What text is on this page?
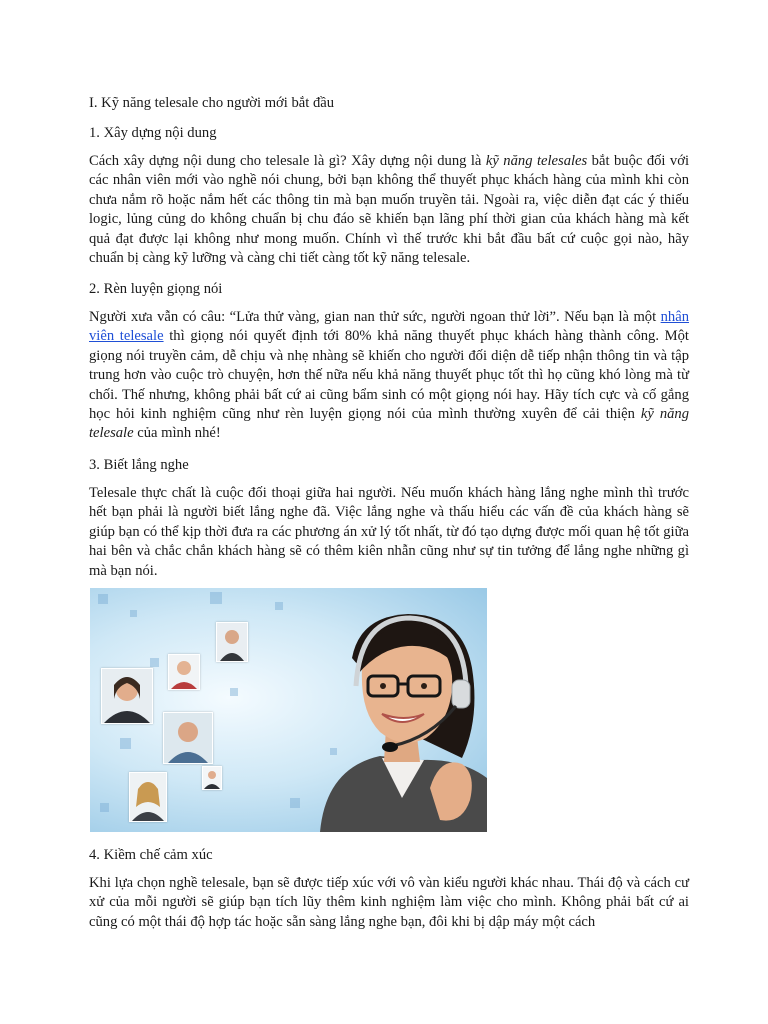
I. Kỹ năng telesale cho người mới bắt đầu
1. Xây dựng nội dung

Cách xây dựng nội dung cho telesale là gì? Xây dựng nội dung là kỹ năng telesales bắt buộc đối với các nhân viên mới vào nghề nói chung, bởi bạn không thể thuyết phục khách hàng của mình khi còn chưa nắm rõ hoặc nắm hết các thông tin mà bạn muốn truyền tải. Ngoài ra, việc diễn đạt các ý thiếu logic, lủng củng do không chuẩn bị chu đáo sẽ khiến bạn lãng phí thời gian của khách hàng mà kết quả đạt được lại không như mong muốn. Chính vì thế trước khi bắt đầu bất cứ cuộc gọi nào, hãy chuẩn bị càng kỹ lưỡng và càng chi tiết càng tốt kỹ năng telesale.

2. Rèn luyện giọng nói

Người xưa vẫn có câu: “Lửa thử vàng, gian nan thử sức, người ngoan thử lời”. Nếu bạn là một nhân viên telesale thì giọng nói quyết định tới 80% khả năng thuyết phục khách hàng thành công. Một giọng nói truyền cảm, dễ chịu và nhẹ nhàng sẽ khiến cho người đối diện dễ tiếp nhận thông tin và tập trung hơn vào cuộc trò chuyện, hơn thế nữa nếu khả năng thuyết phục tốt thì họ cũng khó lòng mà từ chối. Thế nhưng, không phải bất cứ ai cũng bẩm sinh có một giọng nói hay. Hãy tích cực và cố gắng học hỏi kinh nghiệm cũng như rèn luyện giọng nói của mình thường xuyên để cải thiện kỹ năng telesale của mình nhé!

3. Biết lắng nghe

Telesale thực chất là cuộc đối thoại giữa hai người. Nếu muốn khách hàng lắng nghe mình thì trước hết bạn phải là người biết lắng nghe đã. Việc lắng nghe và thấu hiểu các vấn đề của khách hàng sẽ giúp bạn có thể kịp thời đưa ra các phương án xử lý tốt nhất, từ đó tạo dựng được mối quan hệ tốt giữa hai bên và chắc chắn khách hàng sẽ có thêm kiên nhẫn cũng như sự tin tưởng để lắng nghe những gì mà bạn nói.

4. Kiềm chế cảm xúc

Khi lựa chọn nghề telesale, bạn sẽ được tiếp xúc với vô vàn kiểu người khác nhau. Thái độ và cách cư xử của mỗi người sẽ giúp bạn tích lũy thêm kinh nghiệm làm việc cho mình. Không phải bất cứ ai cũng có một thái độ hợp tác hoặc sẵn sàng lắng nghe bạn, đôi khi bị dập máy một cách
